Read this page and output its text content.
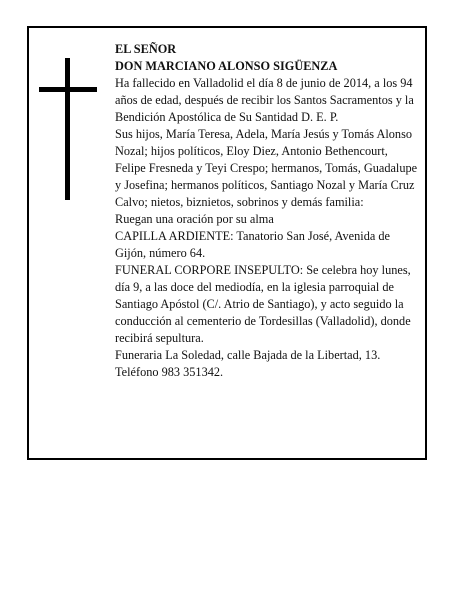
EL SEÑOR

DON MARCIANO ALONSO SIGÜENZA

Ha fallecido en Valladolid el día 8 de junio de 2014, a los 94 años de edad, después de recibir los Santos Sacramentos y la Bendición Apostólica de Su Santidad D. E. P.

Sus hijos, María Teresa, Adela, María Jesús y Tomás Alonso Nozal; hijos políticos, Eloy Diez, Antonio Bethencourt, Felipe Fresneda y Teyi Crespo; hermanos, Tomás, Guadalupe y Josefina; hermanos políticos, Santiago Nozal y María Cruz Calvo; nietos, biznietos, sobrinos y demás familia:

Ruegan una oración por su alma

CAPILLA ARDIENTE: Tanatorio San José, Avenida de Gijón, número 64.

FUNERAL CORPORE INSEPULTO: Se celebra hoy lunes, día 9, a las doce del mediodía, en la iglesia parroquial de Santiago Apóstol (C/. Atrio de Santiago), y acto seguido la conducción al cementerio de Tordesillas (Valladolid), donde recibirá sepultura.

Funeraria La Soledad, calle Bajada de la Libertad, 13. Teléfono 983 351342.
